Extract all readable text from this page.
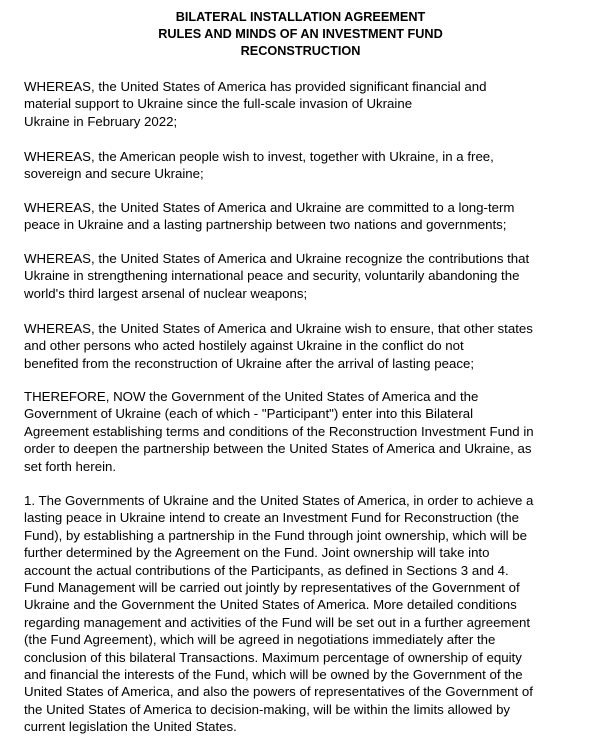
BILATERAL INSTALLATION AGREEMENT
RULES AND MINDS OF AN INVESTMENT FUND
RECONSTRUCTION

WHEREAS, the United States of America has provided significant financial and
material support to Ukraine since the full-scale invasion of Ukraine
Ukraine in February 2022;

WHEREAS, the American people wish to invest, together with Ukraine, in a free,
sovereign and secure Ukraine;

WHEREAS, the United States of America and Ukraine are committed to a long-term
peace in Ukraine and a lasting partnership between two nations and governments;

WHEREAS, the United States of America and Ukraine recognize the contributions that
Ukraine in strengthening international peace and security, voluntarily abandoning the
world's third largest arsenal of nuclear weapons;

WHEREAS, the United States of America and Ukraine wish to ensure, that other states
and other persons who acted hostilely against Ukraine in the conflict do not
benefited from the reconstruction of Ukraine after the arrival of lasting peace;

THEREFORE, NOW the Government of the United States of America and the
Government of Ukraine (each of which - "Participant") enter into this Bilateral
Agreement establishing terms and conditions of the Reconstruction Investment Fund in
order to deepen the partnership between the United States of America and Ukraine, as
set forth herein.

1. The Governments of Ukraine and the United States of America, in order to achieve a
lasting peace in Ukraine intend to create an Investment Fund for Reconstruction (the
Fund), by establishing a partnership in the Fund through joint ownership, which will be
further determined by the Agreement on the Fund. Joint ownership will take into
account the actual contributions of the Participants, as defined in Sections 3 and 4.
Fund Management will be carried out jointly by representatives of the Government of
Ukraine and the Government the United States of America. More detailed conditions
regarding management and activities of the Fund will be set out in a further agreement
(the Fund Agreement), which will be agreed in negotiations immediately after the
conclusion of this bilateral Transactions. Maximum percentage of ownership of equity
and financial the interests of the Fund, which will be owned by the Government of the
United States of America, and also the powers of representatives of the Government of
the United States of America to decision-making, will be within the limits allowed by
current legislation the United States.
